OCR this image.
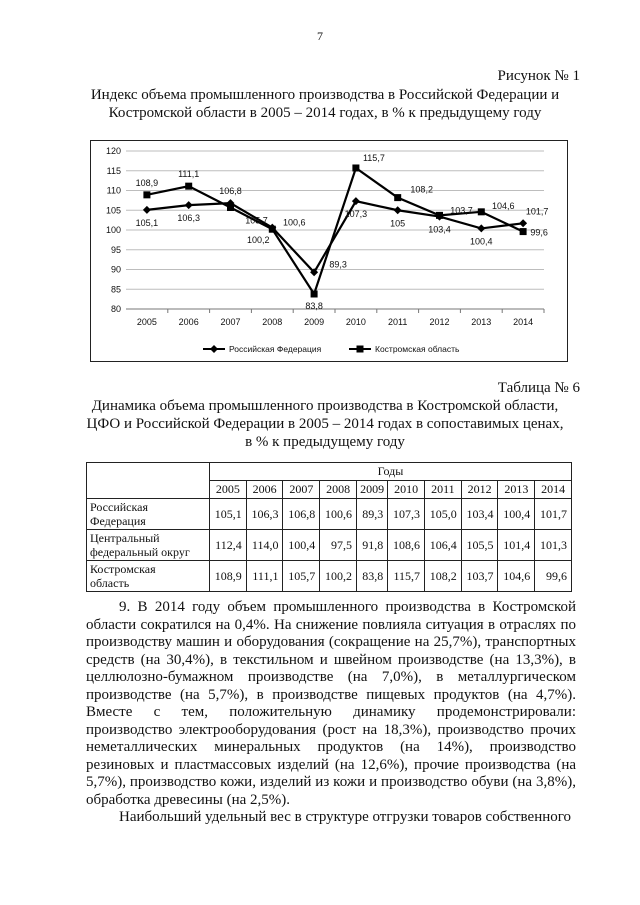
7
Рисунок № 1
Индекс объема промышленного производства в Российской Федерации и
Костромской области в 2005 – 2014 годах, в % к предыдущему году
80
85
90
95
100
105
110
115
120
2005 2006 2007 2008 2009 2010 2011 2012 2013 2014
105,1 106,3	100,6
89,3
107,3
105
103,4
100,4
101,7
108,9
111,1
105,7
100,2
83,8
115,7
108,2
103,7 104,6
99,6
106,8
Российская Федерация	Костромская область
Таблица № 6
Динамика объема промышленного производства в Костромской области,
ЦФО и Российской Федерации в 2005 – 2014 годах в сопоставимых ценах,
в % к предыдущему году
	Годы									
	2005	2006	2007	2008	2009	2010	2011	2012	2013	2014
Российская
Федерация	105,1	106,3	106,8	100,6	89,3	107,3	105,0	103,4	100,4	101,7
Центральный
федеральный округ	112,4	114,0	100,4	97,5	91,8	108,6	106,4	105,5	101,4	101,3
Костромская
область	108,9	111,1	105,7	100,2	83,8	115,7	108,2	103,7	104,6	99,6

9. В 2014 году объем промышленного производства в Костромской области сократился на 0,4%. На снижение повлияла ситуация в отраслях по производству машин и оборудования (сокращение на 25,7%), транспортных средств (на 30,4%), в текстильном и швейном производстве (на 13,3%), в целлюлозно-бумажном производстве (на 7,0%), в металлургическом производстве (на 5,7%), в производстве пищевых продуктов (на 4,7%). Вместе с тем, положительную динамику продемонстрировали: производство электрооборудования (рост на 18,3%), производство прочих неметаллических минеральных продуктов (на 14%), производство резиновых и пластмассовых изделий (на 12,6%), прочие производства (на 5,7%), производство кожи, изделий из кожи и производство обуви (на 3,8%), обработка древесины (на 2,5%).

Наибольший удельный вес в структуре отгрузки товаров собственного
